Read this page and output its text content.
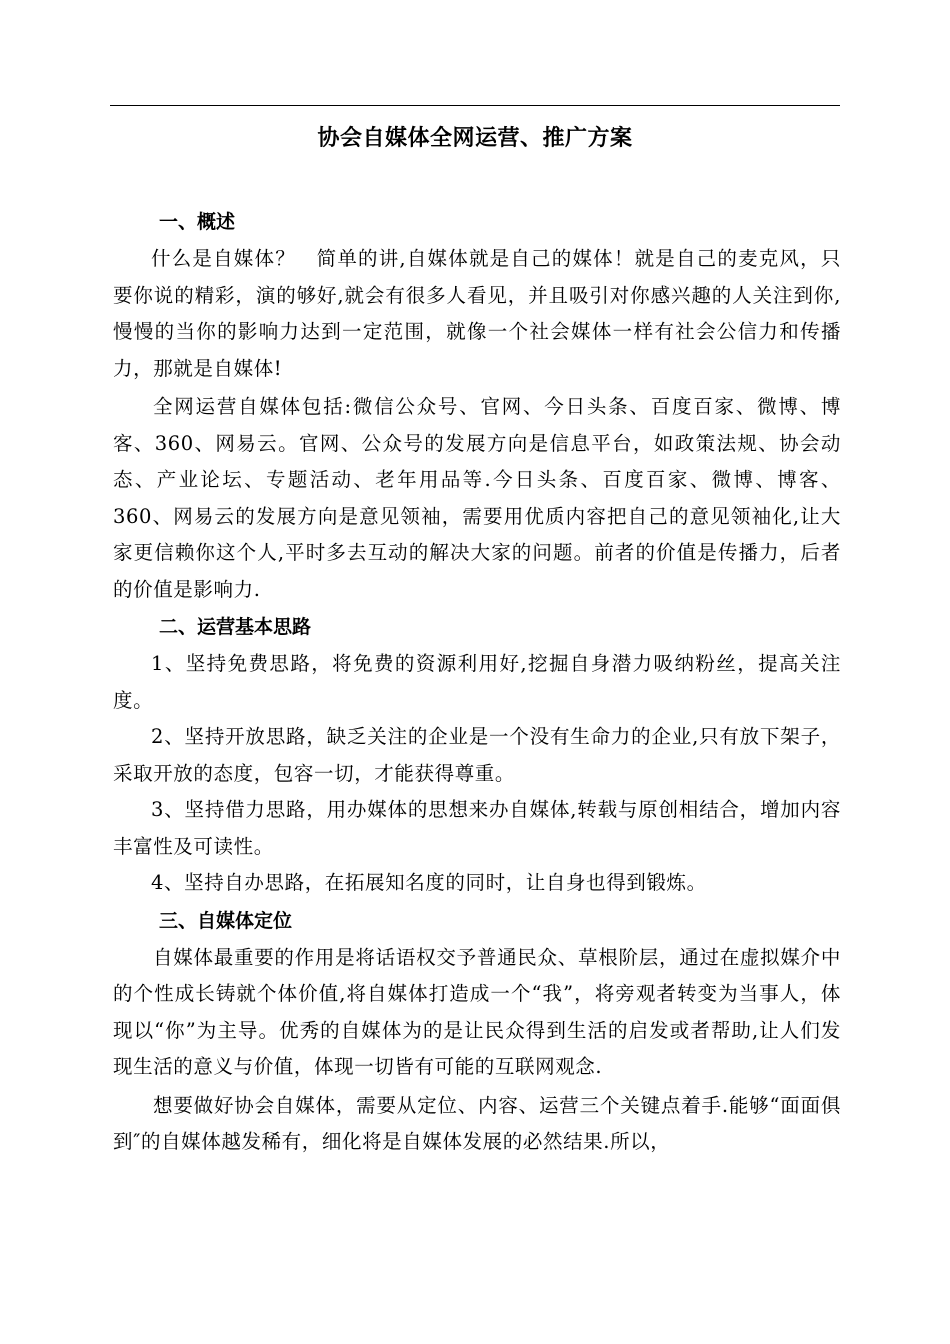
协会自媒体全网运营、推广方案
一、概述

什么是自媒体？　简单的讲,自媒体就是自己的媒体！就是自己的麦克风，只要你说的精彩，演的够好,就会有很多人看见，并且吸引对你感兴趣的人关注到你,慢慢的当你的影响力达到一定范围，就像一个社会媒体一样有社会公信力和传播力，那就是自媒体!

全网运营自媒体包括:微信公众号、官网、今日头条、百度百家、微博、博客、360、网易云。官网、公众号的发展方向是信息平台，如政策法规、协会动态、产业论坛、专题活动、老年用品等.今日头条、百度百家、微博、博客、360、网易云的发展方向是意见领袖，需要用优质内容把自己的意见领袖化,让大家更信赖你这个人,平时多去互动的解决大家的问题。前者的价值是传播力，后者的价值是影响力.

二、运营基本思路

1、坚持免费思路，将免费的资源利用好,挖掘自身潜力吸纳粉丝，提高关注度。

2、坚持开放思路，缺乏关注的企业是一个没有生命力的企业,只有放下架子，采取开放的态度，包容一切，才能获得尊重。

3、坚持借力思路，用办媒体的思想来办自媒体,转载与原创相结合，增加内容丰富性及可读性。

4、坚持自办思路，在拓展知名度的同时，让自身也得到锻炼。

三、自媒体定位

自媒体最重要的作用是将话语权交予普通民众、草根阶层，通过在虚拟媒介中的个性成长铸就个体价值,将自媒体打造成一个“我”，将旁观者转变为当事人，体现以“你”为主导。优秀的自媒体为的是让民众得到生活的启发或者帮助,让人们发现生活的意义与价值，体现一切皆有可能的互联网观念.

想要做好协会自媒体，需要从定位、内容、运营三个关键点着手.能够“面面俱到″的自媒体越发稀有，细化将是自媒体发展的必然结果.所以，
